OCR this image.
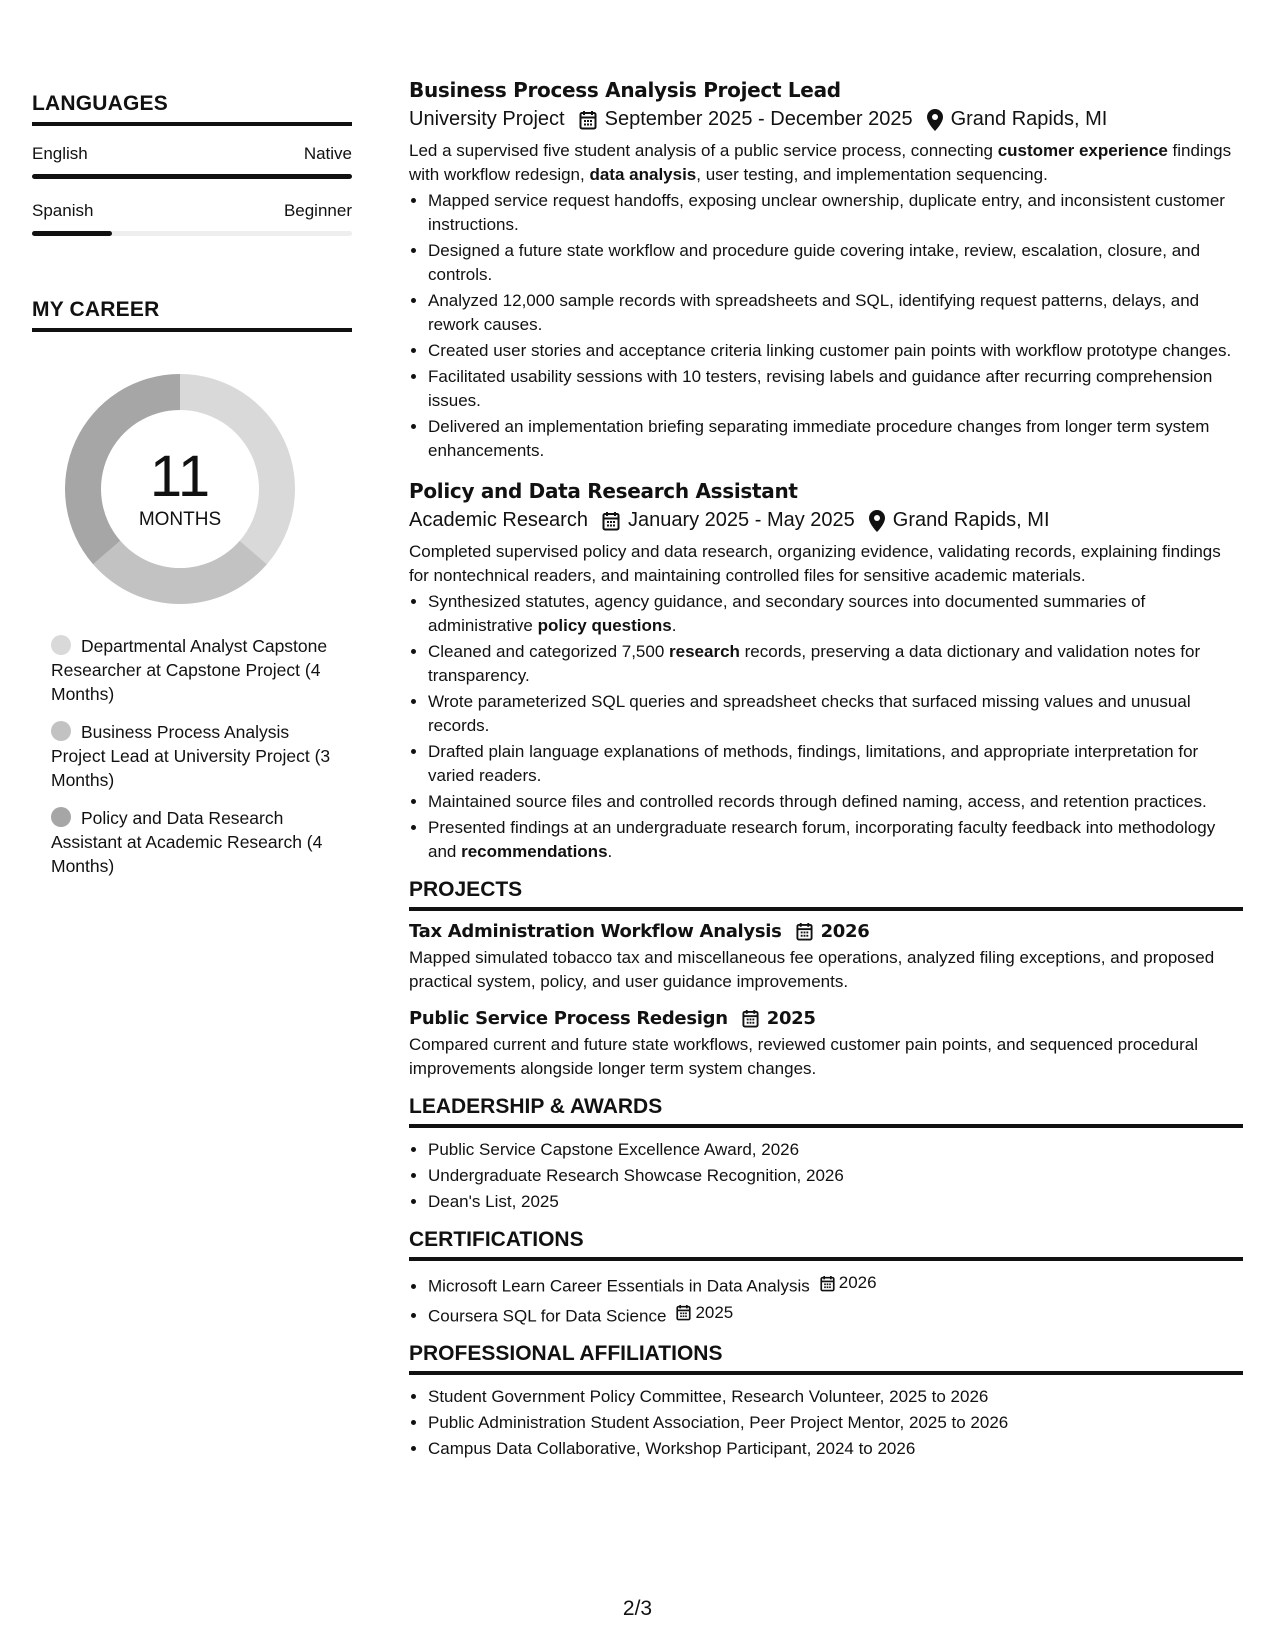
LANGUAGES
English	Native
Spanish	Beginner
MY CAREER
11
MONTHS
Departmental Analyst Capstone Researcher at Capstone Project (4 Months)
Business Process Analysis Project Lead at University Project (3 Months)
Policy and Data Research Assistant at Academic Research (4 Months)
Business Process Analysis Project Lead
University Project September 2025 - December 2025 Grand Rapids, MI
Led a supervised five student analysis of a public service process, connecting customer experience findings with workflow redesign, data analysis, user testing, and implementation sequencing.
• Mapped service request handoffs, exposing unclear ownership, duplicate entry, and inconsistent customer instructions.
• Designed a future state workflow and procedure guide covering intake, review, escalation, closure, and controls.
• Analyzed 12,000 sample records with spreadsheets and SQL, identifying request patterns, delays, and rework causes.
• Created user stories and acceptance criteria linking customer pain points with workflow prototype changes.
• Facilitated usability sessions with 10 testers, revising labels and guidance after recurring comprehension issues.
• Delivered an implementation briefing separating immediate procedure changes from longer term system enhancements.
Policy and Data Research Assistant
Academic Research January 2025 - May 2025 Grand Rapids, MI
Completed supervised policy and data research, organizing evidence, validating records, explaining findings for nontechnical readers, and maintaining controlled files for sensitive academic materials.
• Synthesized statutes, agency guidance, and secondary sources into documented summaries of administrative policy questions.
• Cleaned and categorized 7,500 research records, preserving a data dictionary and validation notes for transparency.
• Wrote parameterized SQL queries and spreadsheet checks that surfaced missing values and unusual records.
• Drafted plain language explanations of methods, findings, limitations, and appropriate interpretation for varied readers.
• Maintained source files and controlled records through defined naming, access, and retention practices.
• Presented findings at an undergraduate research forum, incorporating faculty feedback into methodology and recommendations.
PROJECTS
Tax Administration Workflow Analysis 2026
Mapped simulated tobacco tax and miscellaneous fee operations, analyzed filing exceptions, and proposed practical system, policy, and user guidance improvements.
Public Service Process Redesign 2025
Compared current and future state workflows, reviewed customer pain points, and sequenced procedural improvements alongside longer term system changes.
LEADERSHIP & AWARDS
• Public Service Capstone Excellence Award, 2026
• Undergraduate Research Showcase Recognition, 2026
• Dean's List, 2025
CERTIFICATIONS
• Microsoft Learn Career Essentials in Data Analysis 2026
• Coursera SQL for Data Science 2025
PROFESSIONAL AFFILIATIONS
• Student Government Policy Committee, Research Volunteer, 2025 to 2026
• Public Administration Student Association, Peer Project Mentor, 2025 to 2026
• Campus Data Collaborative, Workshop Participant, 2024 to 2026
2/3
